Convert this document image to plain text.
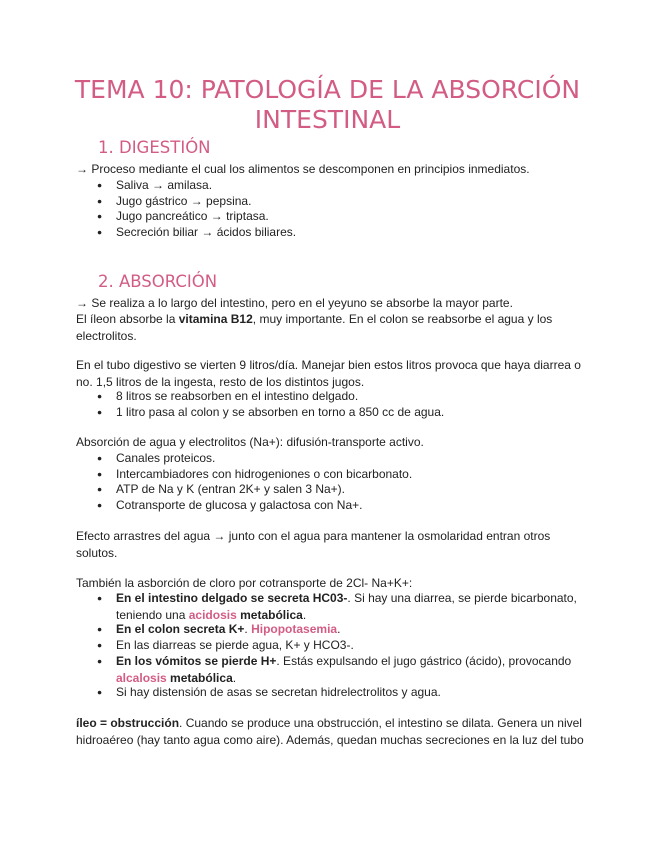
TEMA 10: PATOLOGÍA DE LA ABSORCIÓN
INTESTINAL
1. DIGESTIÓN

→ Proceso mediante el cual los alimentos se descomponen en principios inmediatos.

● Saliva → amilasa.
● Jugo gástrico → pepsina.
● Jugo pancreático → triptasa.
● Secreción biliar → ácidos biliares.
2. ABSORCIÓN

→ Se realiza a lo largo del intestino, pero en el yeyuno se absorbe la mayor parte.

El íleon absorbe la vitamina B12, muy importante. En el colon se reabsorbe el agua y los electrolitos.

En el tubo digestivo se vierten 9 litros/día. Manejar bien estos litros provoca que haya diarrea o no. 1,5 litros de la ingesta, resto de los distintos jugos.

● 8 litros se reabsorben en el intestino delgado.
● 1 litro pasa al colon y se absorben en torno a 850 cc de agua.

Absorción de agua y electrolitos (Na+): difusión-transporte activo.

● Canales proteicos.
● Intercambiadores con hidrogeniones o con bicarbonato.
● ATP de Na y K (entran 2K+ y salen 3 Na+).
● Cotransporte de glucosa y galactosa con Na+.

Efecto arrastres del agua → junto con el agua para mantener la osmolaridad entran otros solutos.

También la asborción de cloro por cotransporte de 2Cl- Na+K+:

● En el intestino delgado se secreta HC03-. Si hay una diarrea, se pierde bicarbonato, teniendo una acidosis metabólica.
● En el colon secreta K+. Hipopotasemia.
● En las diarreas se pierde agua, K+ y HCO3-.
● En los vómitos se pierde H+. Estás expulsando el jugo gástrico (ácido), provocando alcalosis metabólica.
● Si hay distensión de asas se secretan hidrelectrolitos y agua.

íleo = obstrucción. Cuando se produce una obstrucción, el intestino se dilata. Genera un nivel hidroaéreo (hay tanto agua como aire). Además, quedan muchas secreciones en la luz del tubo
